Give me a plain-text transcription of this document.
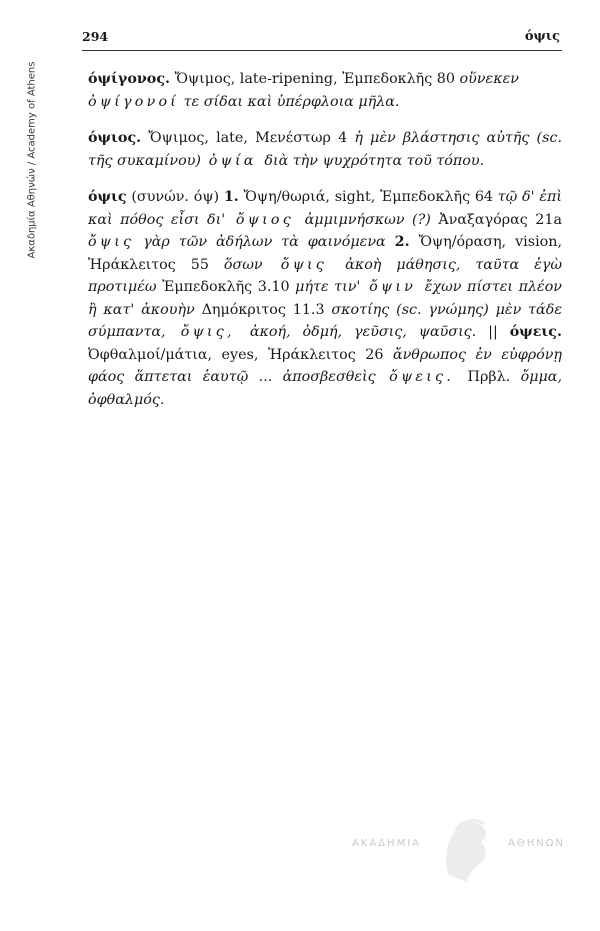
Ακαδημία Αθηνών / Academy of Athens
294	όψις

όψίγονος. Ὄψιμος, late-ripening, Ἐμπεδοκλῆς 80 οὕνεκεν
ὀψίγονοί τε σίδαι καὶ ὑπέρφλοια μῆλα.

όψιος. Ὄψιμος, late, Μενέστωρ 4 ἡ μὲν βλάστησις αὐτῆς (sc. τῆς συκαμίνου) ὀψία διὰ τὴν ψυχρότητα τοῦ τόπου.

όψις (συνών. όψ) 1. Ὄψη/θωριά, sight, Ἐμπεδοκλῆς 64 τῷ δ' ἐπὶ καὶ πόθος εἶσι δι' ὄψιος ἀμμιμνήσκων (?) Ἀναξαγόρας 21a ὄψις γὰρ τῶν ἀδήλων τὰ φαινόμενα 2. Ὄψη/όραση, vision, Ἡράκλειτος 55 ὅσων ὄψις ἀκοὴ μάθησις, ταῦτα ἐγὼ προτιμέω Ἐμπεδοκλῆς 3.10 μήτε τιν' ὄψιν ἔχων πίστει πλέον ἢ κατ' ἀκουὴν Δημόκριτος 11.3 σκοτίης (sc. γνώμης) μὲν τάδε σύμπαντα, ὄψις, ἀκοή, ὀδμή, γεῦσις, ψαῦσις. || όψεις. Ὀφθαλμοί/μάτια, eyes, Ἡράκλειτος 26 ἄνθρωπος ἐν εὐφρόνῃ φάος ἅπτεται ἑαυτῷ ... ἀποσβεσθεὶς ὄψεις. Πρβλ. ὄμμα, ὀφθαλμός.

ΑΚΑΔΗΜΙΑ	ΑΘΗΝΩΝ
